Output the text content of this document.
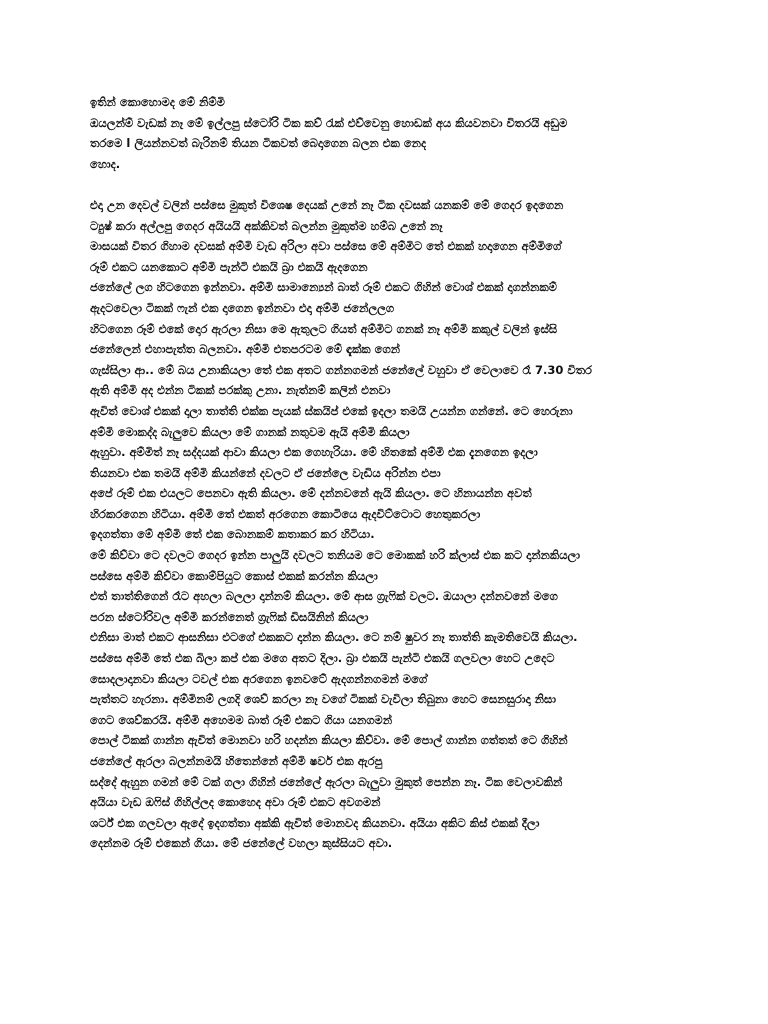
ඉතින් කොහොමද මේ නිම්මි
ඔයලන්ම් වැඩක් නෑ මේ ඉල්ලපු ස්ටෝරි ටික කව් රැක් එව්වෙනු හොඩක් අය කියවනවා විතරයි අඩුම
තරමෙ l ලියන්නවත් බැරිනම් තියන ටිකවත් බෙදාගෙන බලන එක නෙද
හොද.
එදා උන දෙවල් වලින් පස්සෙ මුකුත් විශෙෂ දෙයක් උනේ නෑ ටික දවසක් යනකම් මේ ගෙදර ඉදගෙන
ට්‍යුෂ් කරා අල්ලපු ගෙදර අයියයි අක්කිවත් බලන්න මුකුත්ම හම්බ උනේ නෑ
මාසයක් විතර ගිහාම දවසක් අම්මි වැඩ අරිලා අවා පස්සෙ මේ අම්මිට තේ එකක් හදාගෙන අම්මිගේ
රූම් එකට යනකොට අම්මි පැන්ටි එකයි බ්‍රා එකයි ඇදගෙන
ජනේලේ ලග හිටගෙන ඉන්නවා. අම්මි සාමාන්‍යෙන් බාත් රූම් එකට ගිහින් වොශ් එකක් දාගන්නකම්
ඇදටවෙලා ටිකක් ෆැන් එක දාගෙන ඉන්නවා එදා අම්මි ජනේලලග
හිටගෙන රූම් එකේ දොර ඇරලා නිසා මෙ ඇතුලට ගියත් අම්මිට ගනක් නෑ අම්මි කකුල් වලින් ඉස්සි
ජනේලෙන් එහාපැත්ත බලනවා. අම්මි එතපරටම මේ ඳැක්ක ගෙන්
ගැස්සිලා ආ.. මේ බය උනාකියලා තේ එක අතට ගන්නගමන් ජනේලේ වහුවා ඒ වෙලාවෙ රෑ 7.30 විතර
ඇති අම්මි අද එන්න ටිකක් පරක්කු උනා. නැත්නම් කලින් එනවා
ඇවිත් වොශ් එකක් දාලා තාත්ති එක්ක පැයක් ස්කයිප් එකේ ඉදලා තමයි උයන්න ගන්නේ. ටෙ හෙරුනා
අම්මි මොකද්ද බැලුවෙ කියලා මේ ගානක් නතුවම ඇයි අම්මි කියලා
ඇහුවා. අම්මිත් නෑ සද්දයක් ආවා කියලා එක ගෙහැරියා. මේ හිතකේ අම්මි එක දැනගෙන ඉදලා
තියනවා එක තමයි අම්මි කියන්නේ දවලට ඒ ජනේලෙ වැඩිය අරින්න එපා
අපේ රූම් එක එයලට පෙනවා ඇති කියලා. මේ දන්නවනේ ඇයි කියලා. ටෙ හිනායන්න අවත්
හිරකරගෙන හිටියා. අම්මි තේ එකත් අරගෙන කොටියෙ ඇදවිට්ටොට හෙතුකරලා
ඉදගත්තා මේ අම්මි තේ එක බොනකම් කතාකර කර හිටියා.
මේ කිව්වා ටෙ දවලට ගෙදර ඉන්න පාලුයි දවලට තනියම ටෙ මොකක් හරි ක්ලාස් එක කට දාන්නකියලා
පස්සෙ අම්මි කිව්වා කොම්පියුට කොස් එකක් කරන්න කියලා
එත් තාත්තිගෙන් රෑට අහලා බලලා දාන්නම් කියලා. මේ ආස ග්‍රැෆික් වලට. ඔයාලා දන්නවනේ මගෙ
පරන ස්ටෝරිවල අම්මි කරන්නෙත් ග්‍රැෆික් ඩිසයිනින් කියලා
එනිසා මාත් එකට ආසනිසා එටගේ එකකට දාන්න කියලා. ටෙ නම් ෂුවර නෑ තාත්ති කැමතිවෙයි කියලා.
පස්සෙ අම්මි තේ එක බිලා කප් එක මගෙ අතට දිලා. බ්‍රා එකයි පැන්ටි එකයි ගලවලා හෙට උදෙට
සොදලාදානවා කියලා ටවල් එක අරගෙන ඉනවටේ ඇදගන්නගමන් මගේ
පැත්තට හැරනා. අම්මිනම් ලගදි ශෙව් කරලා නෑ වගේ ටිකක් වැවිලා තිබුනා හෙට සෙනසුරාදා නිසා
ගෙට ශෙව්කරයි. අම්මි අහෙමම බාත් රූම් එකට ගියා යනගමන්
පොල් ටිකක් ගාන්න ඇවිත් මොනවා හරි හදන්න කියලා කිව්වා. මේ පොල් ගාන්න ගත්තත් ටෙ ගිහින්
ජනේලේ ඇරලා බලන්නමයි හිතෙන්නේ අම්මි ෂවර් එක ඇරපු
සද්දේ ඇහුන ගමන් මේ ටක් ගලා ගිහින් ජනේලේ ඇරලා බැලුවා මුකුත් පෙන්න නෑ. ටික වෙලාවකින්
අයියා වැඩ ඔෆිස් ගිහිල්ලද කොහෙද අවා රූම් එකට අවගමන්
ශර්ට් එක ගලවලා ඇදේ ඉදගත්තා අක්කි ඇවිත් මොනවද කියනවා. අයියා අකිට කිස් එකක් දීලා
දෙන්නම රූම් එකෙන් ගියා. මේ ජනේලේ වහලා කුස්සියට අවා.
